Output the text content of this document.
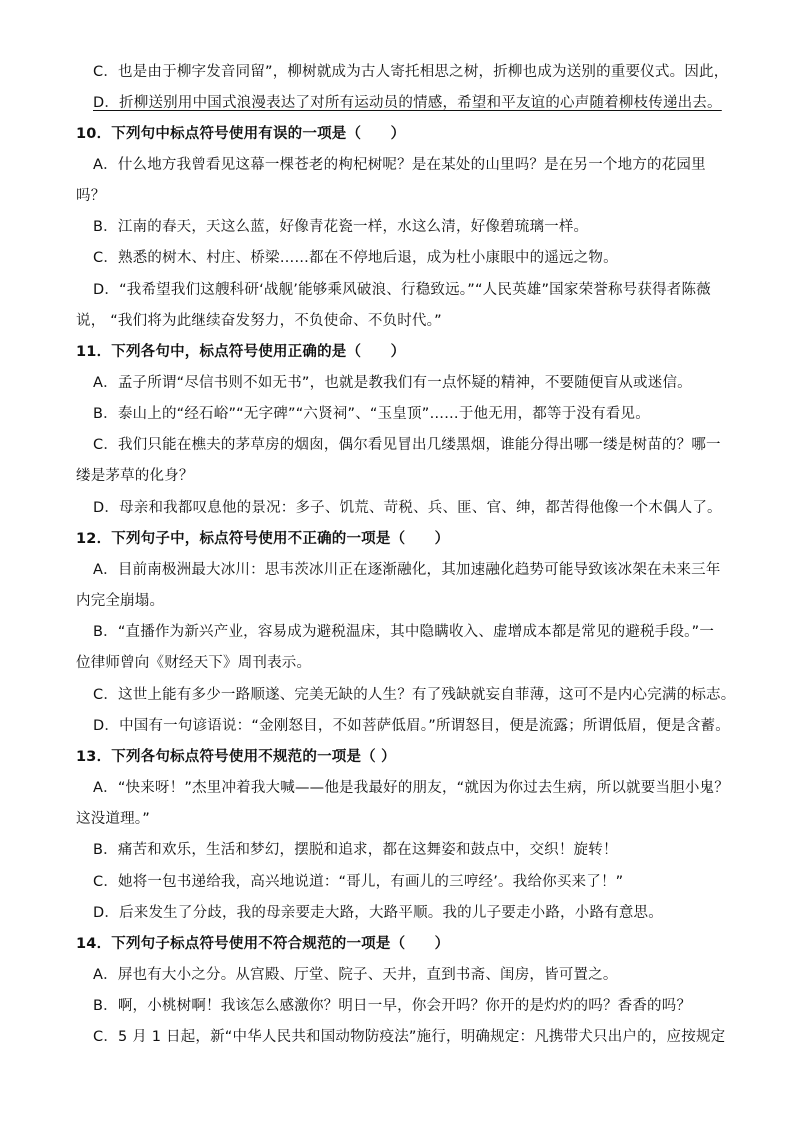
C．也是由于柳字发音同留”，柳树就成为古人寄托相思之树，折柳也成为送别的重要仪式。因此，
D．折柳送别用中国式浪漫表达了对所有运动员的情感，希望和平友谊的心声随着柳枝传递出去。
10．下列句中标点符号使用有误的一项是（　　）
A．什么地方我曾看见这幕一棵苍老的枸杞树呢？是在某处的山里吗？是在另一个地方的花园里
吗？
B．江南的春天，天这么蓝，好像青花瓷一样，水这么清，好像碧琉璃一样。
C．熟悉的树木、村庄、桥梁……都在不停地后退，成为杜小康眼中的遥远之物。
D．“我希望我们这艘科研‘战舰’能够乘风破浪、行稳致远。”“人民英雄”国家荣誉称号获得者陈薇
说， “我们将为此继续奋发努力，不负使命、不负时代。”
11．下列各句中，标点符号使用正确的是（　　）
A．孟子所谓“尽信书则不如无书”，也就是教我们有一点怀疑的精神，不要随便盲从或迷信。
B．泰山上的“经石峪”“无字碑”“六贤祠”、“玉皇顶”……于他无用，都等于没有看见。
C．我们只能在樵夫的茅草房的烟囱，偶尔看见冒出几缕黑烟，谁能分得出哪一缕是树苗的？哪一
缕是茅草的化身？
D．母亲和我都叹息他的景况：多子、饥荒、苛税、兵、匪、官、绅，都苦得他像一个木偶人了。
12．下列句子中，标点符号使用不正确的一项是（　　）
A．目前南极洲最大冰川：思韦茨冰川正在逐渐融化，其加速融化趋势可能导致该冰架在未来三年
内完全崩塌。
B．“直播作为新兴产业，容易成为避税温床，其中隐瞒收入、虚增成本都是常见的避税手段。”一
位律师曾向《财经天下》周刊表示。
C．这世上能有多少一路顺遂、完美无缺的人生？有了残缺就妄自菲薄，这可不是内心完满的标志。
D．中国有一句谚语说：“金刚怒目，不如菩萨低眉。”所谓怒目，便是流露；所谓低眉，便是含蓄。
13．下列各句标点符号使用不规范的一项是（ ）
A．“快来呀！”杰里冲着我大喊——他是我最好的朋友，“就因为你过去生病，所以就要当胆小鬼？
这没道理。”
B．痛苦和欢乐，生活和梦幻，摆脱和追求，都在这舞姿和鼓点中，交织！旋转！
C．她将一包书递给我，高兴地说道：“哥儿，有画儿的三哼经’。我给你买来了！”
D．后来发生了分歧，我的母亲要走大路，大路平顺。我的儿子要走小路，小路有意思。
14．下列句子标点符号使用不符合规范的一项是（　　）
A．屏也有大小之分。从宫殿、厅堂、院子、天井，直到书斋、闺房，皆可置之。
B．啊，小桃树啊！我该怎么感激你？明日一早，你会开吗？你开的是灼灼的吗？香香的吗？
C．5 月 1 日起，新“中华人民共和国动物防疫法”施行，明确规定：凡携带犬只出户的，应按规定
